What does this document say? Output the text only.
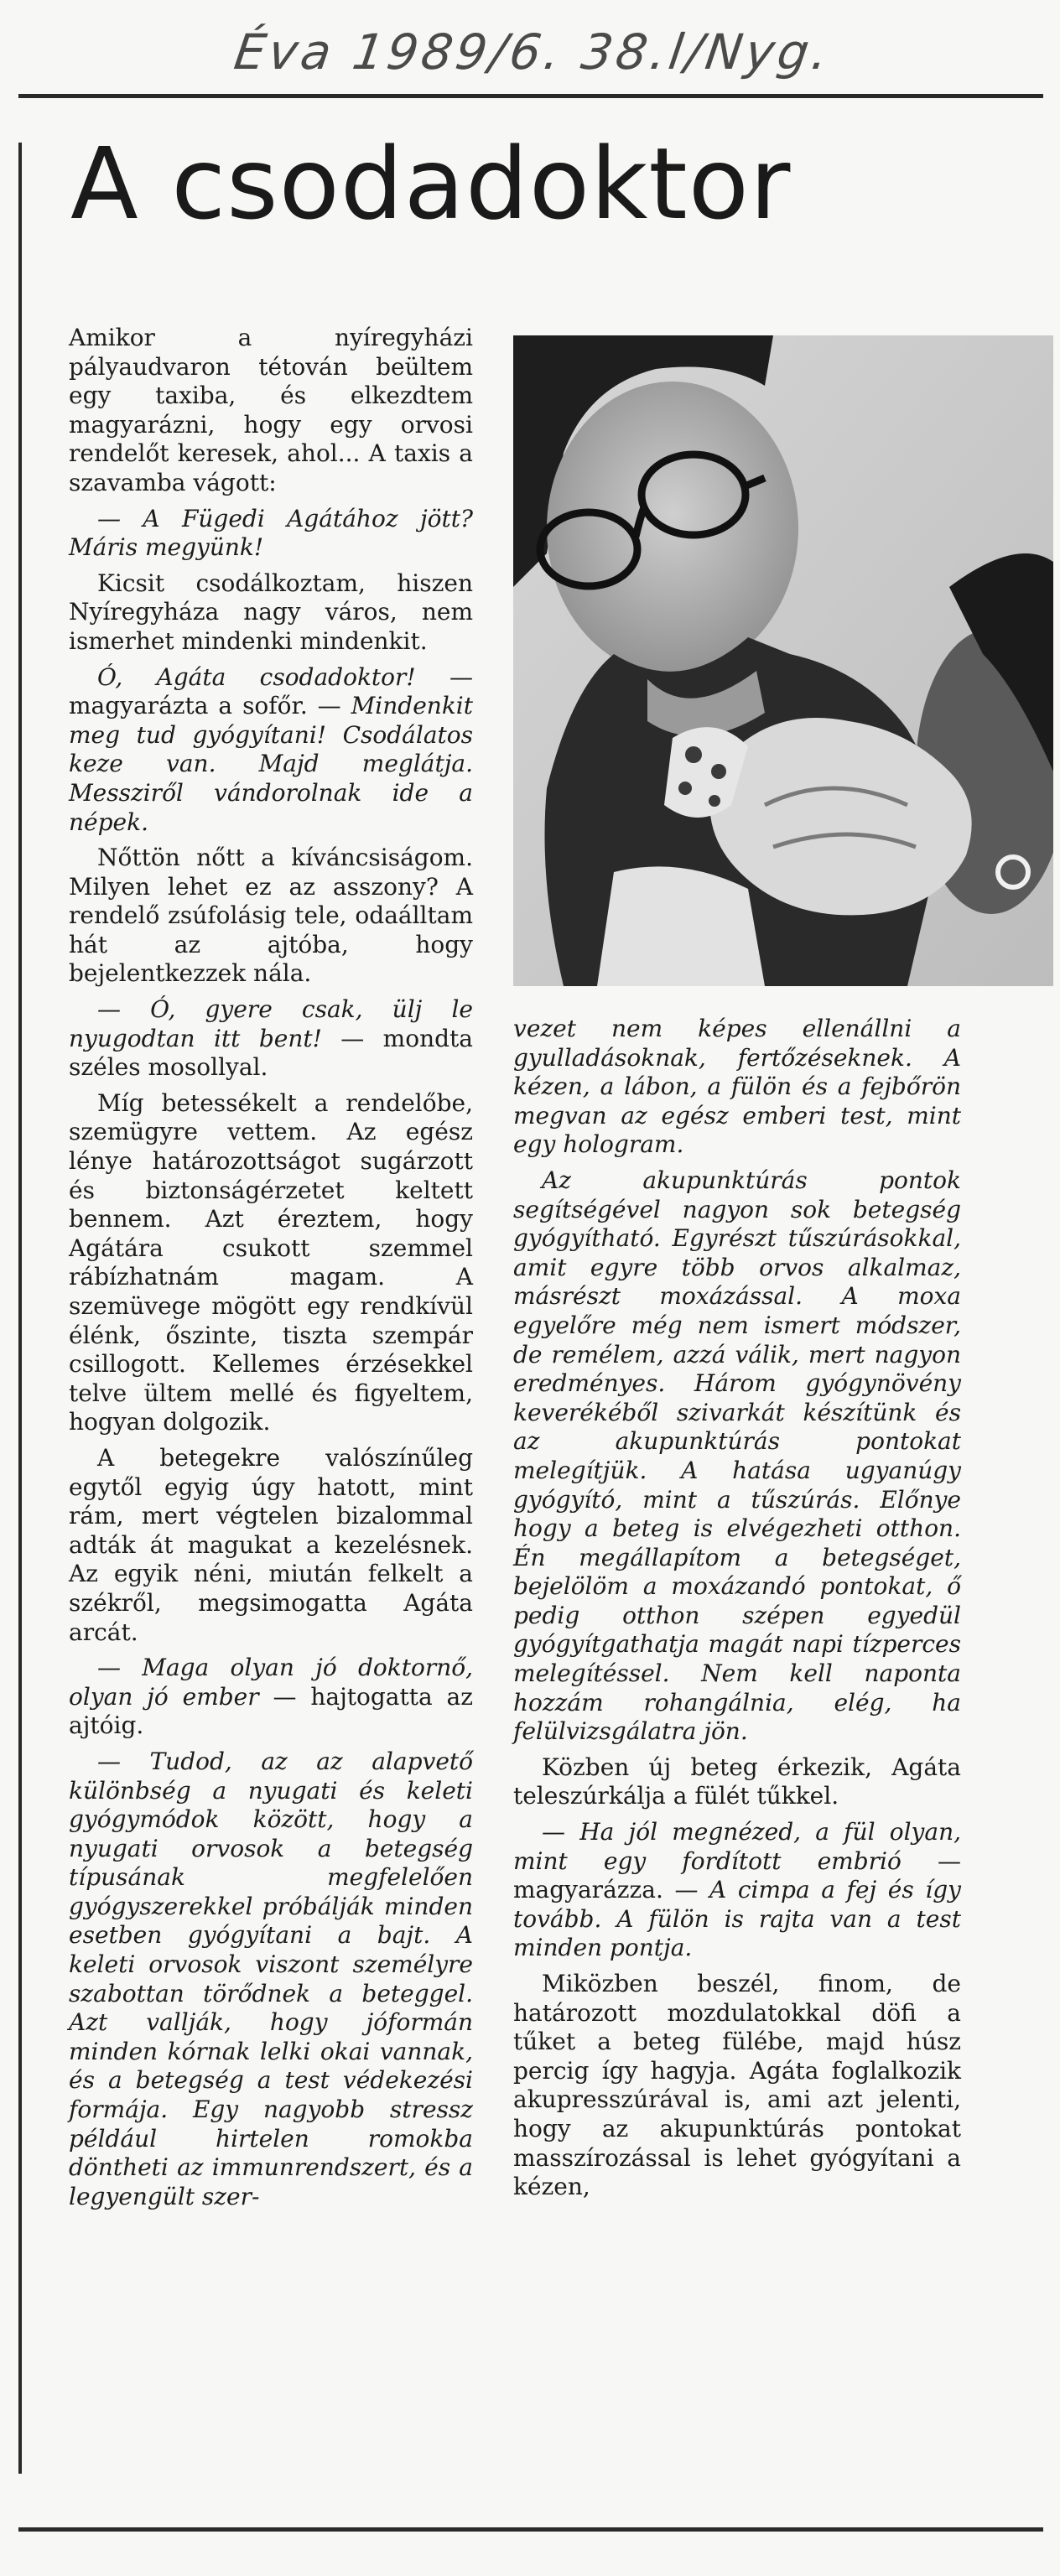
Éva 1989/6. 38.l/Nyg.
A csodadoktor

Amikor a nyíregyházi pályaudvaron tétován beültem egy taxiba, és elkezdtem magyarázni, hogy egy orvosi rendelőt keresek, ahol... A taxis a szavamba vágott:

— A Fügedi Agátához jött? Máris megyünk!

Kicsit csodálkoztam, hiszen Nyíregyháza nagy város, nem ismerhet mindenki mindenkit.

Ó, Agáta csodadoktor! — magyarázta a sofőr. — Mindenkit meg tud gyógyítani! Csodálatos keze van. Majd meglátja. Messziről vándorolnak ide a népek.

Nőttön nőtt a kíváncsiságom. Milyen lehet ez az asszony? A rendelő zsúfolásig tele, odaálltam hát az ajtóba, hogy bejelentkezzek nála.

— Ó, gyere csak, ülj le nyugodtan itt bent! — mondta széles mosollyal.

Míg betessékelt a rendelőbe, szemügyre vettem. Az egész lénye határozottságot sugárzott és biztonságérzetet keltett bennem. Azt éreztem, hogy Agátára csukott szemmel rábízhatnám magam. A szemüvege mögött egy rendkívül élénk, őszinte, tiszta szempár csillogott. Kellemes érzésekkel telve ültem mellé és figyeltem, hogyan dolgozik.

A betegekre valószínűleg egytől egyig úgy hatott, mint rám, mert végtelen bizalommal adták át magukat a kezelésnek. Az egyik néni, miután felkelt a székről, megsimogatta Agáta arcát.

— Maga olyan jó doktornő, olyan jó ember — hajtogatta az ajtóig.

— Tudod, az az alapvető különbség a nyugati és keleti gyógymódok között, hogy a nyugati orvosok a betegség típusának megfelelően gyógyszerekkel próbálják minden esetben gyógyítani a bajt. A keleti orvosok viszont személyre szabottan törődnek a beteggel. Azt vallják, hogy jóformán minden kórnak lelki okai vannak, és a betegség a test védekezési formája. Egy nagyobb stressz például hirtelen romokba döntheti az immunrendszert, és a legyengült szer-

vezet nem képes ellenállni a gyulladásoknak, fertőzéseknek. A kézen, a lábon, a fülön és a fejbőrön megvan az egész emberi test, mint egy hologram.

Az akupunktúrás pontok segítségével nagyon sok betegség gyógyítható. Egyrészt tűszúrásokkal, amit egyre több orvos alkalmaz, másrészt moxázással. A moxa egyelőre még nem ismert módszer, de remélem, azzá válik, mert nagyon eredményes. Három gyógynövény keverékéből szivarkát készítünk és az akupunktúrás pontokat melegítjük. A hatása ugyanúgy gyógyító, mint a tűszúrás. Előnye hogy a beteg is elvégezheti otthon. Én megállapítom a betegséget, bejelölöm a moxázandó pontokat, ő pedig otthon szépen egyedül gyógyítgathatja magát napi tízperces melegítéssel. Nem kell naponta hozzám rohangálnia, elég, ha felülvizsgálatra jön.

Közben új beteg érkezik, Agáta teleszúrkálja a fülét tűkkel.

— Ha jól megnézed, a fül olyan, mint egy fordított embrió — magyarázza. — A cimpa a fej és így tovább. A fülön is rajta van a test minden pontja.

Miközben beszél, finom, de határozott mozdulatokkal döfi a tűket a beteg fülébe, majd húsz percig így hagyja. Agáta foglalkozik akupresszúrával is, ami azt jelenti, hogy az akupunktúrás pontokat masszírozással is lehet gyógyítani a kézen,
